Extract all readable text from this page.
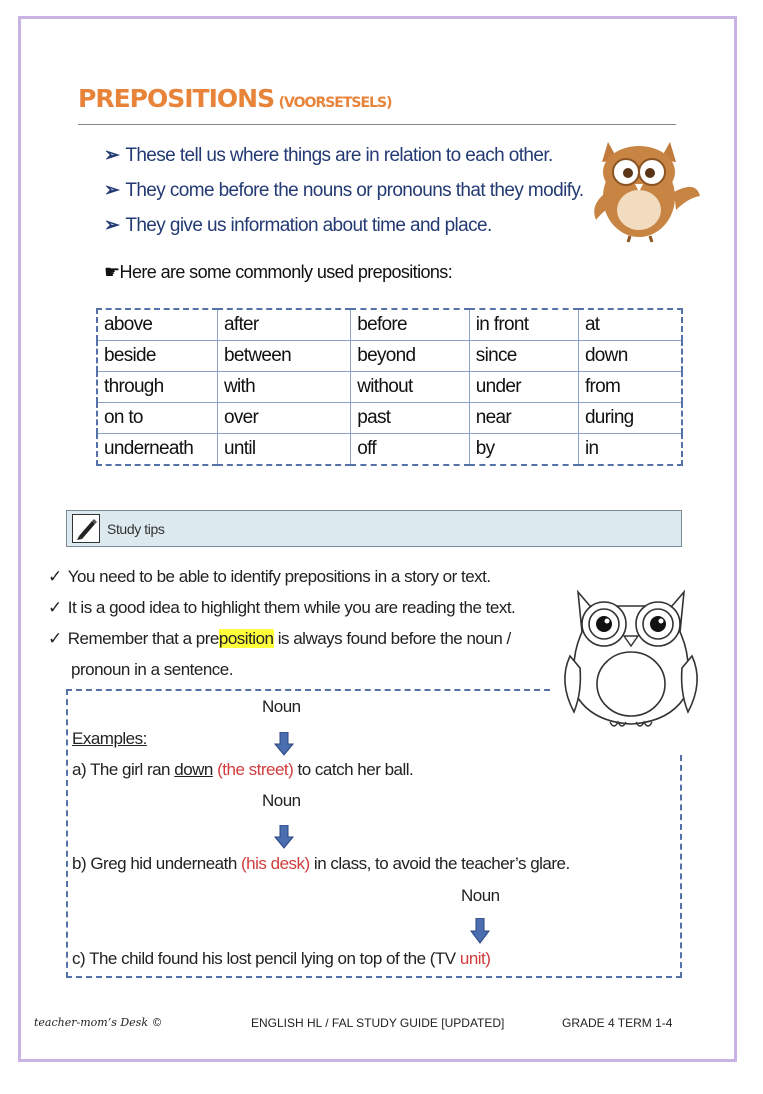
PREPOSITIONS (VOORSETSELS)
➢ These tell us where things are in relation to each other.
➢ They come before the nouns or pronouns that they modify.
➢ They give us information about time and place.
☛Here are some commonly used prepositions:
above	after	before	in front	at
beside	between	beyond	since	down
through	with	without	under	from
on to	over	past	near	during
underneath	until	off	by	in
Study tips
✓ You need to be able to identify prepositions in a story or text.
✓ It is a good idea to highlight them while you are reading the text.
✓ Remember that a preposition is always found before the noun /
pronoun in a sentence.
Noun
Examples:
a) The girl ran down (the street) to catch her ball.
Noun
b) Greg hid underneath (his desk) in class, to avoid the teacher’s glare.
Noun
c) The child found his lost pencil lying on top of the (TV unit)
teacher-mom’s Desk ©	ENGLISH HL / FAL STUDY GUIDE [UPDATED]	GRADE 4 TERM 1-4
